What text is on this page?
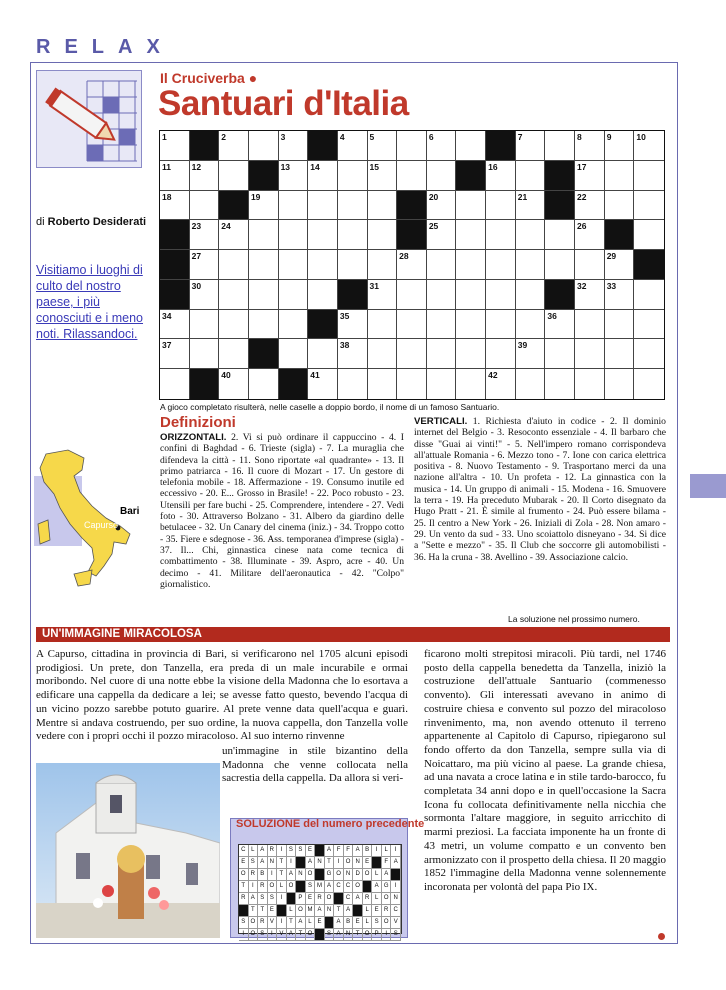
RELAX
Il Cruciverba ●
Santuari d'Italia
di Roberto Desiderati
Visitiamo i luoghi di culto del nostro paese, i più conosciuti e i meno noti. Rilassandoci.
1	2	3	4	5	6	7	8	9	10
11 12	13 14	15	16	17
18	19	20	21	22
23 24	25	26
27	28	29
30	31	32 33
34	35	36
37	38	39
40	41	42
A gioco completato risulterà, nelle caselle a doppio bordo, il nome di un famoso Santuario.
Definizioni
ORIZZONTALI. 2. Vi si può ordinare il cappuccino - 4. I confini di Baghdad - 6. Trieste (sigla) - 7. La muraglia che difendeva la città - 11. Sono riportate «al quadrante» - 13. Il primo patriarca - 16. Il cuore di Mozart - 17. Un gestore di telefonia mobile - 18. Affermazione - 19. Consumo inutile ed eccessivo - 20. E... Grosso in Brasile! - 22. Poco robusto - 23. Utensili per fare buchi - 25. Comprendere, intendere - 27. Vedi foto - 30. Attraverso Bolzano - 31. Albero da giardino delle betulacee - 32. Un Canary del cinema (iniz.) - 34. Troppo cotto - 35. Fiere e sdegnose - 36. Ass. temporanea d'imprese (sigla) - 37. Il... Chi, ginnastica cinese nata come tecnica di combattimento - 38. Illuminate - 39. Aspro, acre - 40. Un decimo - 41. Militare dell'aeronautica - 42. "Colpo" giornalistico.
VERTICALI. 1. Richiesta d'aiuto in codice - 2. Il dominio internet del Belgio - 3. Resoconto essenziale - 4. Il barbaro che disse "Guai ai vinti!" - 5. Nell'impero romano corrispondeva all'attuale Romania - 6. Mezzo tono - 7. Ione con carica elettrica positiva - 8. Nuovo Testamento - 9. Trasportano merci da una nazione all'altra - 10. Un profeta - 12. La ginnastica con la musica - 14. Un gruppo di animali - 15. Modena - 16. Smuovere la terra - 19. Ha preceduto Mubarak - 20. Il Corto disegnato da Hugo Pratt - 21. È simile al frumento - 24. Può essere bilama - 25. Il centro a New York - 26. Iniziali di Zola - 28. Non amaro - 29. Un vento da sud - 33. Uno scoiattolo disneyano - 34. Si dice a "Sette e mezzo" - 35. Il Club che soccorre gli automobilisti - 36. Ha la cruna - 38. Avellino - 39. Associazione calcio.
La soluzione nel prossimo numero.
Bari
Capurso
UN'IMMAGINE MIRACOLOSA
A Capurso, cittadina in provincia di Bari, si verificarono nel 1705 alcuni episodi prodigiosi. Un prete, don Tanzella, era preda di un male incurabile e ormai moribondo. Nel cuore di una notte ebbe la visione della Madonna che lo esortava a edificare una cappella da dedicare a lei; se avesse fatto questo, bevendo l'acqua di un vicino pozzo sarebbe potuto guarire. Al prete venne data quell'acqua e guarì. Mentre si andava costruendo, per suo ordine, la nuova cappella, don Tanzella volle vedere con i propri occhi il pozzo miracoloso. Al suo interno rinvenne
un'immagine in stile bizantino della Madonna che venne collocata nella sacrestia della cappella. Da allora si veri-
ficarono molti strepitosi miracoli. Più tardi, nel 1746 posto della cappella benedetta da Tanzella, iniziò la costruzione dell'attuale Santuario (commenesso convento). Gli interessati avevano in animo di costruire chiesa e convento sul pozzo del miracoloso rinvenimento, ma, non avendo ottenuto il terreno appartenente al Capitolo di Capurso, ripiegarono sul fondo offerto da don Tanzella, sempre sulla via di Noicattaro, ma più vicino al paese. La grande chiesa, ad una navata a croce latina e in stile tardo-barocco, fu completata 34 anni dopo e in quell'occasione la Sacra Icona fu collocata definitivamente nella nicchia che sormonta l'altare maggiore, in seguito arricchito di marmi preziosi. La facciata imponente ha un fronte di 43 metri, un volume compatto e un convento ben armonizzato con il prospetto della chiesa. Il 20 maggio 1852 l'immagine della Madonna venne solennemente incoronata per volontà del papa Pio IX.
SOLUZIONE del numero precedente
C L A R	I	S S E	A F F A B	I	L	I
E S A N T	I	A N T	I	O N E	F A
O R B	I	T A N O	G O N D O L A
T	I	R O L O	S M A C C O	A G	I
R A S S	I	P E R O	C A R L O N
T T E	L O M A N T A	L E R C
S O R V	I	T A L E	A B E L S O V
I	O S	I	V A T O	S A N T O P	I	S
